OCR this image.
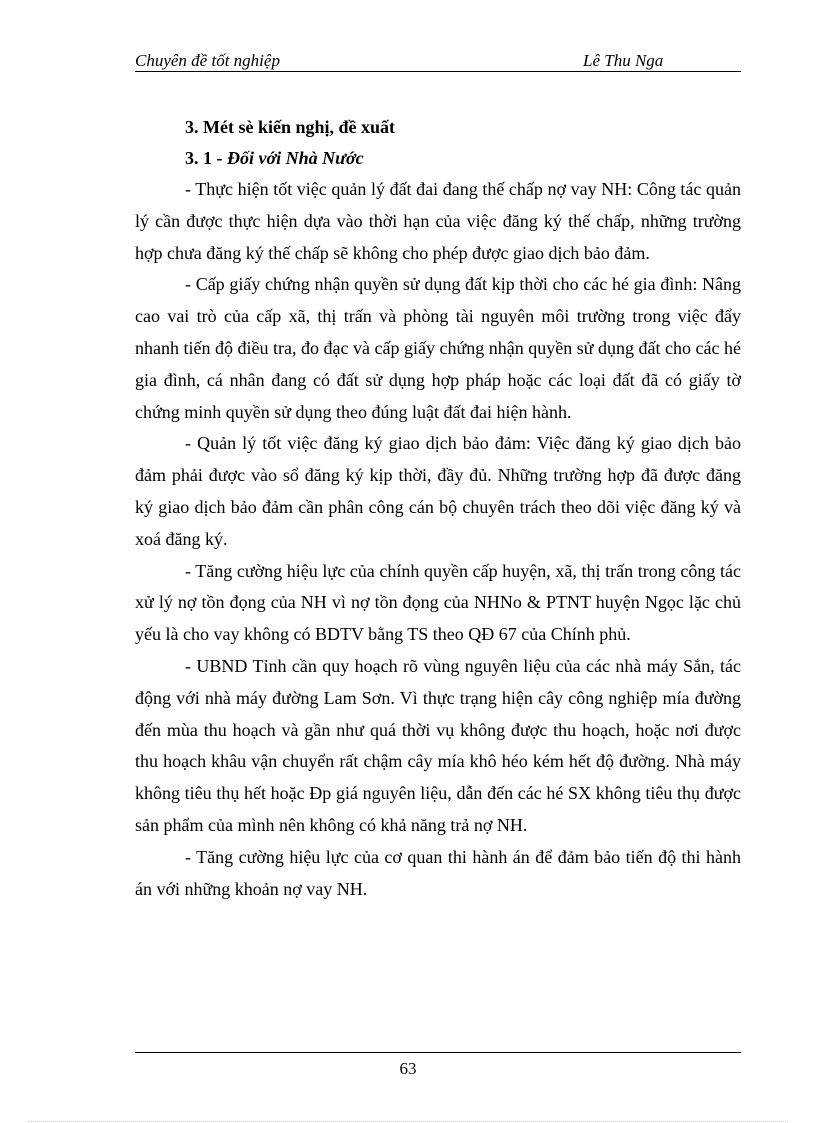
Chuyên đề tốt nghiệp	Lê Thu Nga

3. Mét sè kiến nghị, đề xuất

3. 1 - Đối với Nhà Nước

- Thực hiện tốt việc quản lý đất đai đang thế chấp nợ vay NH: Công tác quản lý cần được thực hiện dựa vào thời hạn của việc đăng ký thế chấp, những trường hợp chưa đăng ký thế chấp sẽ không cho phép được giao dịch bảo đảm.

- Cấp giấy chứng nhận quyền sử dụng đất kịp thời cho các hé gia đình: Nâng cao vai trò của cấp xã, thị trấn và phòng tài nguyên môi trường trong việc đẩy nhanh tiến độ điều tra, đo đạc và cấp giấy chứng nhận quyền sử dụng đất cho các hé gia đình, cá nhân đang có đất sử dụng hợp pháp hoặc các loại đất đã có giấy tờ chứng minh quyền sử dụng theo đúng luật đất đai hiện hành.

- Quản lý tốt việc đăng ký giao dịch bảo đảm: Việc đăng ký giao dịch bảo đảm phải được vào sổ đăng ký kịp thời, đầy đủ. Những trường hợp đã được đăng ký giao dịch bảo đảm cần phân công cán bộ chuyên trách theo dõi việc đăng ký và xoá đăng ký.

- Tăng cường hiệu lực của chính quyền cấp huyện, xã, thị trấn trong công tác xử lý nợ tồn đọng của NH vì nợ tồn đọng của NHNo & PTNT huyện Ngọc lặc chủ yếu là cho vay không có BDTV bằng TS theo QĐ 67 của Chính phủ.

- UBND Tỉnh cần quy hoạch rõ vùng nguyên liệu của các nhà máy Sắn, tác động với nhà máy đường Lam Sơn. Vì thực trạng hiện cây công nghiệp mía đường đến mùa thu hoạch và gần như quá thời vụ không được thu hoạch, hoặc nơi được thu hoạch khâu vận chuyển rất chậm cây mía khô héo kém hết độ đường. Nhà máy không tiêu thụ hết hoặc Ðp giá nguyên liệu, dẫn đến các hé SX không tiêu thụ được sản phẩm của mình nên không có khả năng trả nợ NH.

- Tăng cường hiệu lực của cơ quan thi hành án để đảm bảo tiến độ thi hành án với những khoản nợ vay NH.

63
